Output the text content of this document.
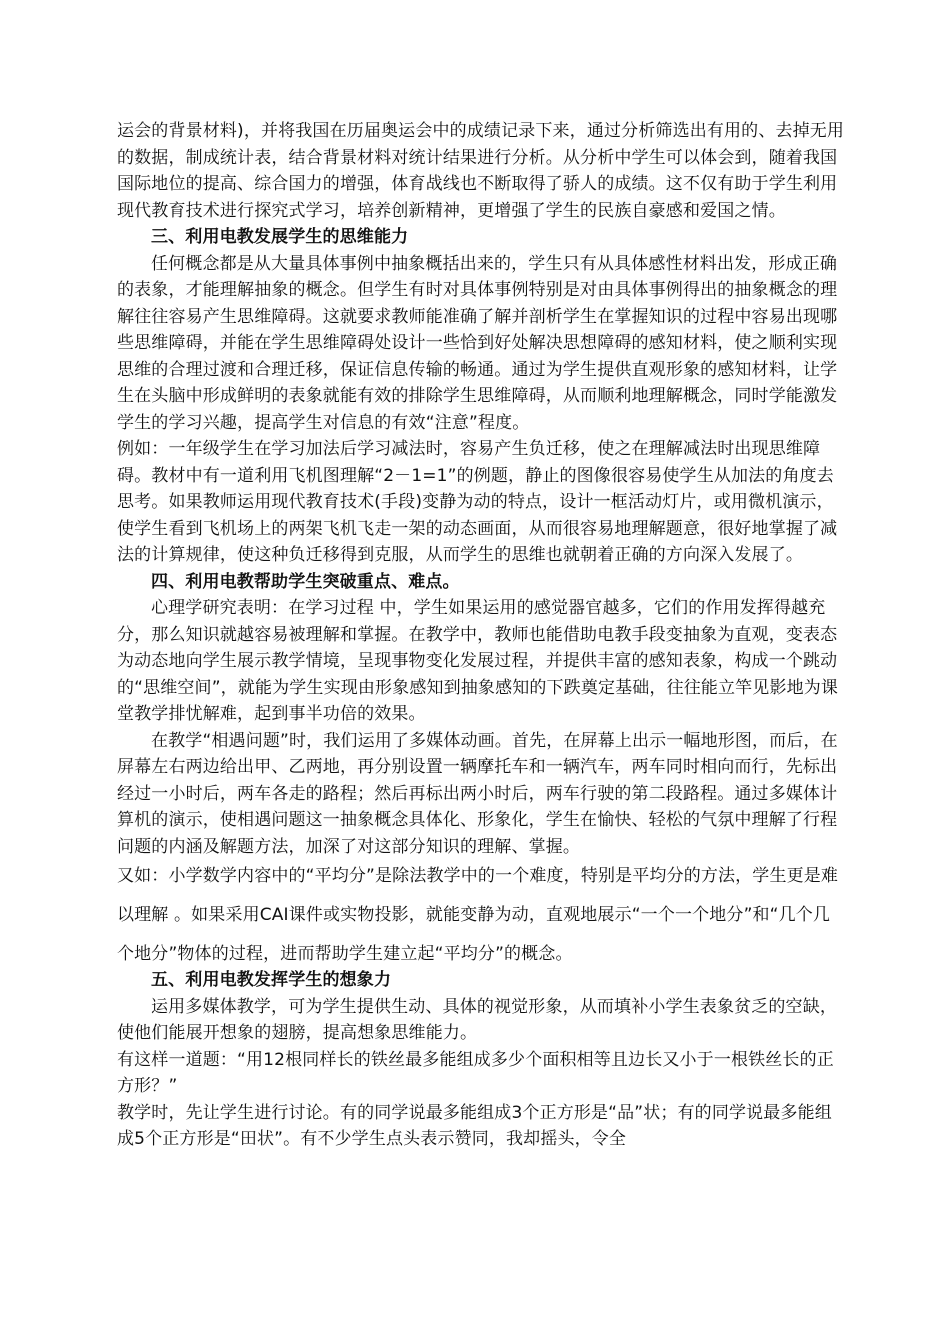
运会的背景材料)，并将我国在历届奥运会中的成绩记录下来，通过分析筛选出有用的、去掉无用的数据，制成统计表，结合背景材料对统计结果进行分析。从分析中学生可以体会到，随着我国国际地位的提高、综合国力的增强，体育战线也不断取得了骄人的成绩。这不仅有助于学生利用现代教育技术进行探究式学习，培养创新精神，更增强了学生的民族自豪感和爱国之情。

三、利用电教发展学生的思维能力

任何概念都是从大量具体事例中抽象概括出来的，学生只有从具体感性材料出发，形成正确的表象，才能理解抽象的概念。但学生有时对具体事例特别是对由具体事例得出的抽象概念的理解往往容易产生思维障碍。这就要求教师能准确了解并剖析学生在掌握知识的过程中容易出现哪些思维障碍，并能在学生思维障碍处设计一些恰到好处解决思想障碍的感知材料，使之顺利实现思维的合理过渡和合理迁移，保证信息传输的畅通。通过为学生提供直观形象的感知材料，让学生在头脑中形成鲜明的表象就能有效的排除学生思维障碍，从而顺利地理解概念，同时学能激发学生的学习兴趣，提高学生对信息的有效“注意”程度。

例如：一年级学生在学习加法后学习减法时，容易产生负迁移，使之在理解减法时出现思维障碍。教材中有一道利用飞机图理解“2－1=1”的例题，静止的图像很容易使学生从加法的角度去思考。如果教师运用现代教育技术(手段)变静为动的特点，设计一框活动灯片，或用微机演示，使学生看到飞机场上的两架飞机飞走一架的动态画面，从而很容易地理解题意，很好地掌握了减法的计算规律，使这种负迁移得到克服，从而学生的思维也就朝着正确的方向深入发展了。

四、利用电教帮助学生突破重点、难点。

心理学研究表明：在学习过程 中，学生如果运用的感觉器官越多，它们的作用发挥得越充分，那么知识就越容易被理解和掌握。在教学中，教师也能借助电教手段变抽象为直观，变表态为动态地向学生展示教学情境，呈现事物变化发展过程，并提供丰富的感知表象，构成一个跳动的“思维空间”，就能为学生实现由形象感知到抽象感知的下跌奠定基础，往往能立竿见影地为课堂教学排忧解难，起到事半功倍的效果。

在教学“相遇问题”时，我们运用了多媒体动画。首先，在屏幕上出示一幅地形图，而后，在屏幕左右两边给出甲、乙两地，再分别设置一辆摩托车和一辆汽车，两车同时相向而行，先标出经过一小时后，两车各走的路程；然后再标出两小时后，两车行驶的第二段路程。通过多媒体计算机的演示，使相遇问题这一抽象概念具体化、形象化，学生在愉快、轻松的气氛中理解了行程问题的内涵及解题方法，加深了对这部分知识的理解、掌握。

又如：小学数学内容中的“平均分”是除法教学中的一个难度，特别是平均分的方法，学生更是难以理解 。如果采用CAI课件或实物投影，就能变静为动，直观地展示“一个一个地分”和“几个几个地分”物体的过程，进而帮助学生建立起“平均分”的概念。

五、利用电教发挥学生的想象力

运用多媒体教学，可为学生提供生动、具体的视觉形象，从而填补小学生表象贫乏的空缺，使他们能展开想象的翅膀，提高想象思维能力。

有这样一道题：“用12根同样长的铁丝最多能组成多少个面积相等且边长又小于一根铁丝长的正方形？”

教学时，先让学生进行讨论。有的同学说最多能组成3个正方形是“品”状；有的同学说最多能组成5个正方形是“田状”。有不少学生点头表示赞同，我却摇头，令全
